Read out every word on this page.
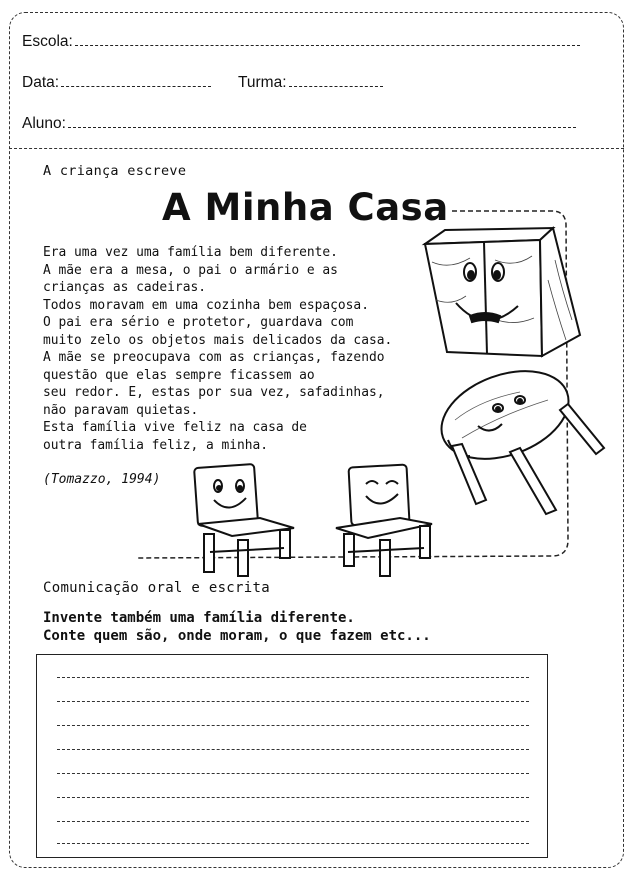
Escola:
Data:	Turma:
Aluno:
A criança escreve
A Minha Casa
Era uma vez uma família bem diferente.
A mãe era a mesa, o pai o armário e as
crianças as cadeiras.
Todos moravam em uma cozinha bem espaçosa.
O pai era sério e protetor, guardava com
muito zelo os objetos mais delicados da casa.
A mãe se preocupava com as crianças, fazendo
questão que elas sempre ficassem ao
seu redor. E, estas por sua vez, safadinhas,
não paravam quietas.
Esta família vive feliz na casa de
outra família feliz, a minha.
(Tomazzo, 1994)
Comunicação oral e escrita
Invente também uma família diferente.
Conte quem são, onde moram, o que fazem etc...
